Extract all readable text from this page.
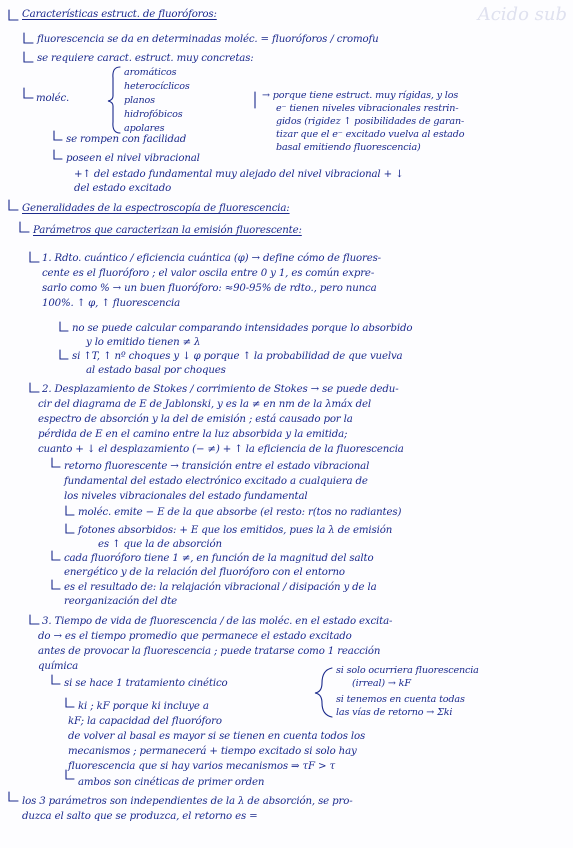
Acido sub
Características estruct. de fluoróforos:
fluorescencia se da en determinadas moléc. = fluoróforos / cromofu
se requiere caract. estruct. muy concretas:
moléc.
aromáticos
heterocíclicos
planos
hidrofóbicos
apolares
→ porque tiene estruct. muy rígidas, y los
e⁻ tienen niveles vibracionales restrin-
gidos (rigidez ↑ posibilidades de garan-
tizar que el e⁻ excitado vuelva al estado
basal emitiendo fluorescencia)
se rompen con facilidad
poseen el nivel vibracional
+↑ del estado fundamental muy alejado del nivel vibracional + ↓
del estado excitado
Generalidades de la espectroscopía de fluorescencia:
Parámetros que caracterizan la emisión fluorescente:
1. Rdto. cuántico / eficiencia cuántica (φ) → define cómo de fluores-
cente es el fluoróforo ; el valor oscila entre 0 y 1, es común expre-
sarlo como % → un buen fluoróforo: ≈90-95% de rdto., pero nunca
100%. ↑ φ, ↑ fluorescencia
no se puede calcular comparando intensidades porque lo absorbido
y lo emitido tienen ≠ λ
si ↑T, ↑ nº choques y ↓ φ porque ↑ la probabilidad de que vuelva
al estado basal por choques
2. Desplazamiento de Stokes / corrimiento de Stokes → se puede dedu-
cir del diagrama de E de Jablonski, y es la ≠ en nm de la λmáx del
espectro de absorción y la del de emisión ; está causado por la
pérdida de E en el camino entre la luz absorbida y la emitida;
cuanto + ↓ el desplazamiento (− ≠) + ↑ la eficiencia de la fluorescencia
retorno fluorescente → transición entre el estado vibracional
fundamental del estado electrónico excitado a cualquiera de
los niveles vibracionales del estado fundamental
moléc. emite − E de la que absorbe (el resto: r(tos no radiantes)
fotones absorbidos: + E que los emitidos, pues la λ de emisión
es ↑ que la de absorción
cada fluoróforo tiene 1 ≠, en función de la magnitud del salto
energético y de la relación del fluoróforo con el entorno
es el resultado de: la relajación vibracional / disipación y de la
reorganización del dte
3. Tiempo de vida de fluorescencia / de las moléc. en el estado excita-
do → es el tiempo promedio que permanece el estado excitado
antes de provocar la fluorescencia ; puede tratarse como 1 reacción
química
si se hace 1 tratamiento cinético
si solo ocurriera fluorescencia
(irreal) → kF
si tenemos en cuenta todas
las vías de retorno → Σki
ki ; kF porque ki incluye a
kF; la capacidad del fluoróforo
de volver al basal es mayor si se tienen en cuenta todos los
mecanismos ; permanecerá + tiempo excitado si solo hay
fluorescencia que si hay varios mecanismos ⇒ τF > τ
ambos son cinéticas de primer orden
los 3 parámetros son independientes de la λ de absorción, se pro-
duzca el salto que se produzca, el retorno es =
